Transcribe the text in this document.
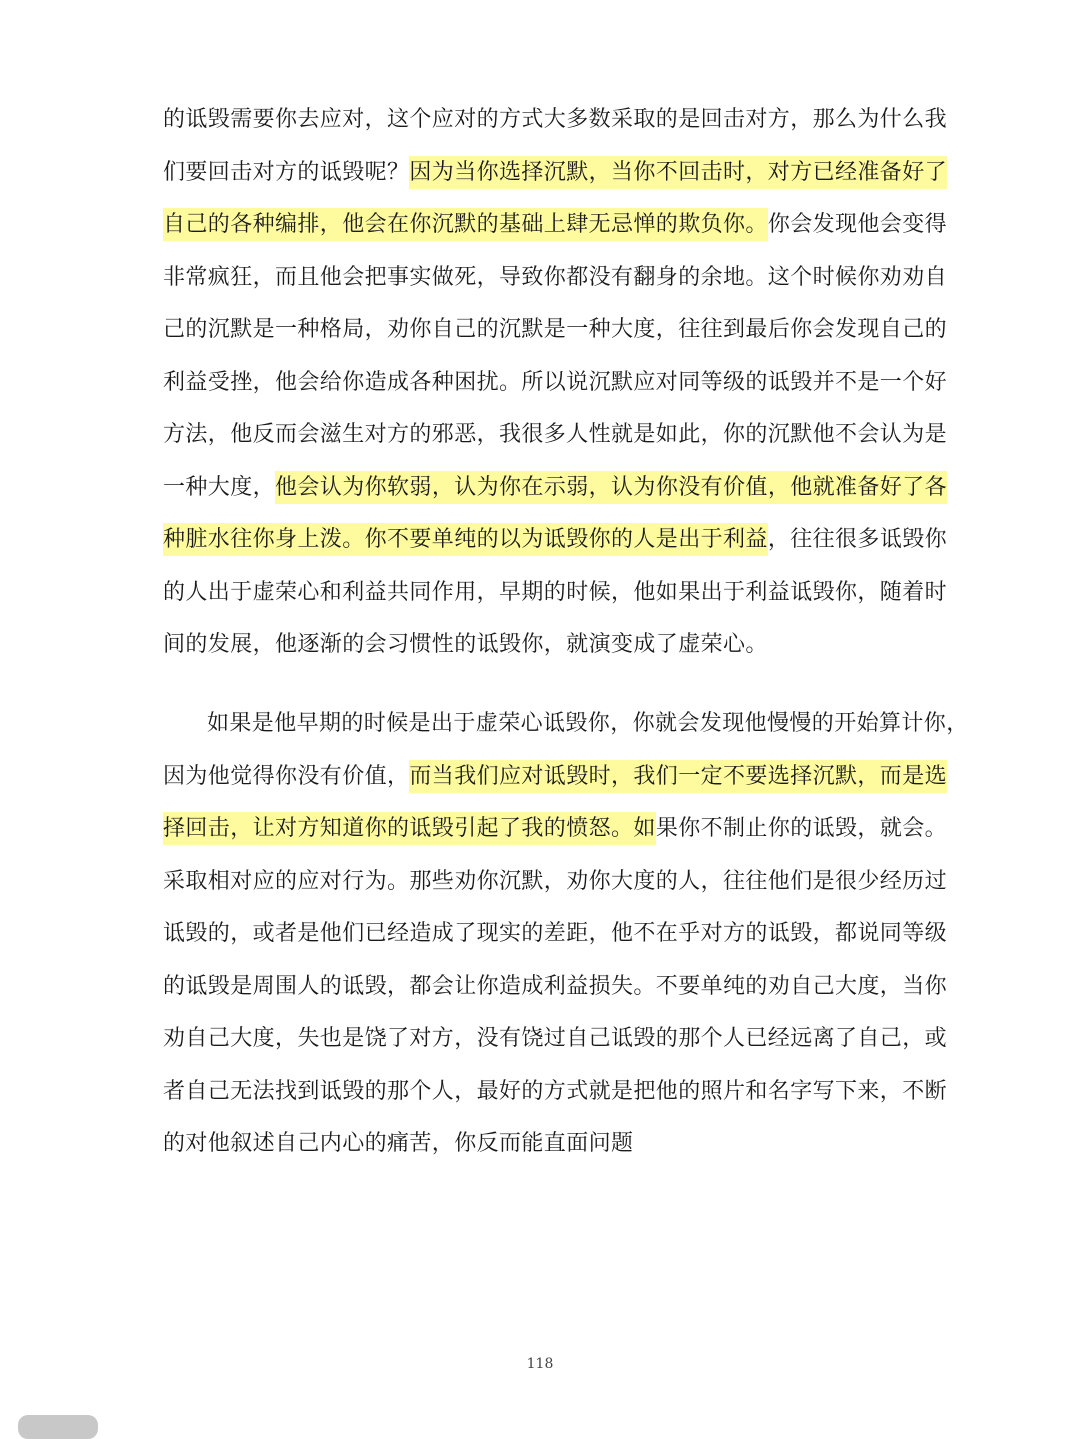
的诋毁需要你去应对，这个应对的方式大多数采取的是回击对方，那么为什么我
们要回击对方的诋毁呢？因为当你选择沉默，当你不回击时，对方已经准备好了
自己的各种编排，他会在你沉默的基础上肆无忌惮的欺负你。你会发现他会变得
非常疯狂，而且他会把事实做死，导致你都没有翻身的余地。这个时候你劝劝自
己的沉默是一种格局，劝你自己的沉默是一种大度，往往到最后你会发现自己的
利益受挫，他会给你造成各种困扰。所以说沉默应对同等级的诋毁并不是一个好
方法，他反而会滋生对方的邪恶，我很多人性就是如此，你的沉默他不会认为是
一种大度，他会认为你软弱，认为你在示弱，认为你没有价值，他就准备好了各
种脏水往你身上泼。你不要单纯的以为诋毁你的人是出于利益，往往很多诋毁你
的人出于虚荣心和利益共同作用，早期的时候，他如果出于利益诋毁你，随着时
间的发展，他逐渐的会习惯性的诋毁你，就演变成了虚荣心。
如果是他早期的时候是出于虚荣心诋毁你，你就会发现他慢慢的开始算计你，
因为他觉得你没有价值，而当我们应对诋毁时，我们一定不要选择沉默，而是选
择回击，让对方知道你的诋毁引起了我的愤怒。如果你不制止你的诋毁，就会。
采取相对应的应对行为。那些劝你沉默，劝你大度的人，往往他们是很少经历过
诋毁的，或者是他们已经造成了现实的差距，他不在乎对方的诋毁，都说同等级
的诋毁是周围人的诋毁，都会让你造成利益损失。不要单纯的劝自己大度，当你
劝自己大度，失也是饶了对方，没有饶过自己诋毁的那个人已经远离了自己，或
者自己无法找到诋毁的那个人，最好的方式就是把他的照片和名字写下来，不断
的对他叙述自己内心的痛苦，你反而能直面问题
118
